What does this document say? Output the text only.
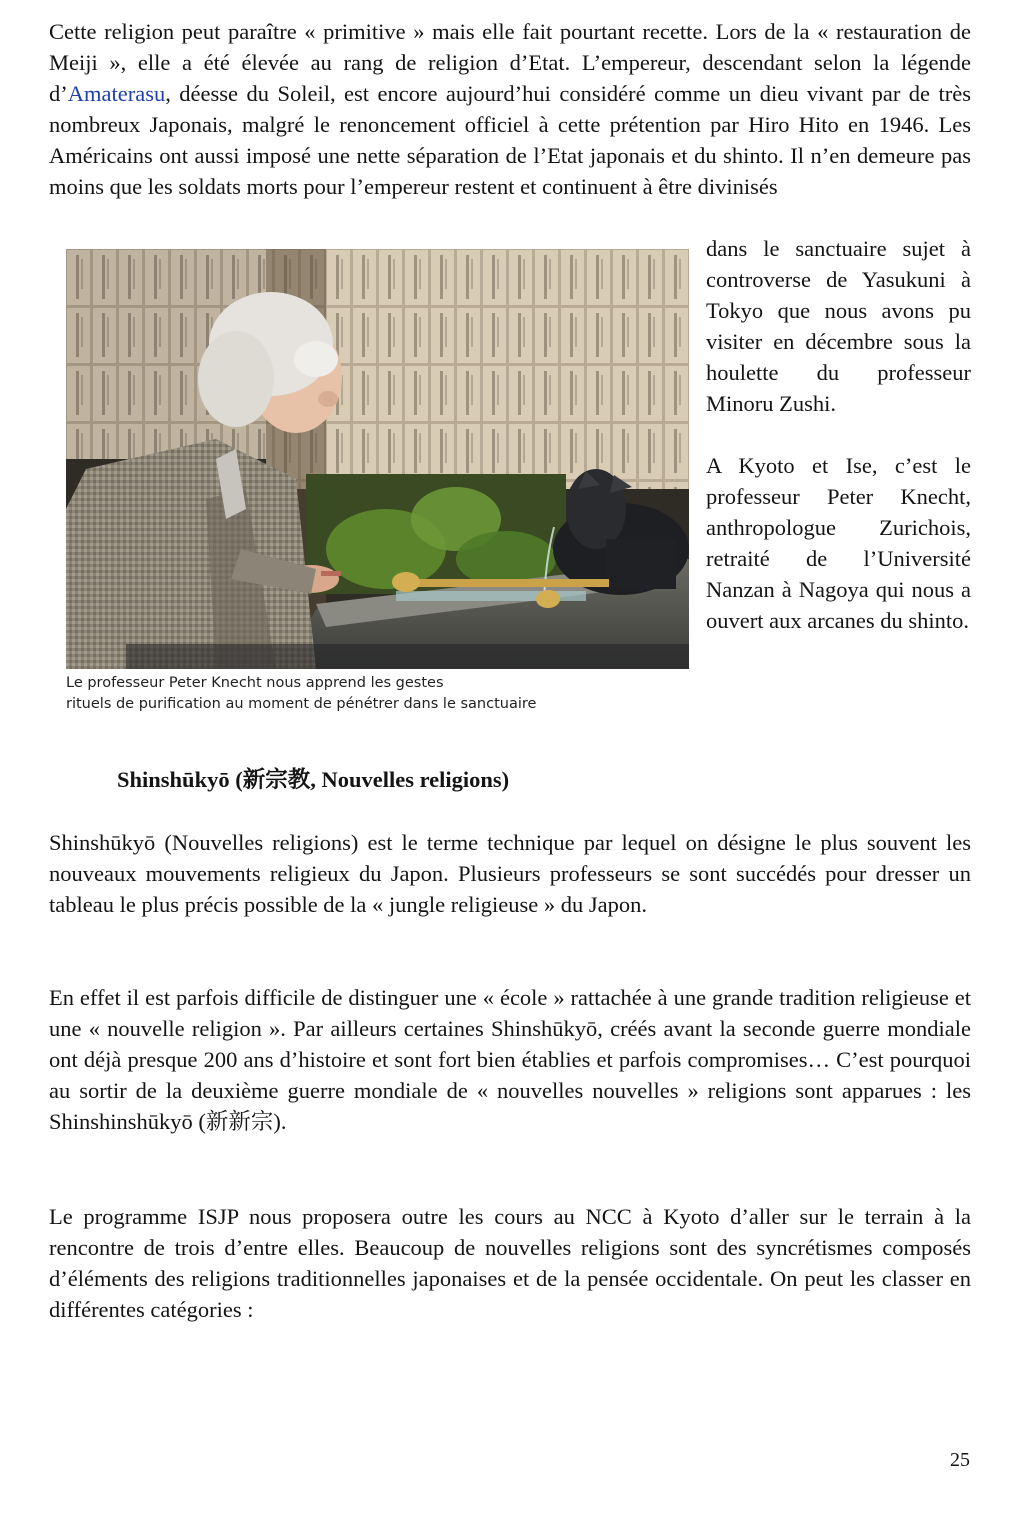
Cette religion peut paraître « primitive » mais elle fait pourtant recette. Lors de la « restauration de Meiji », elle a été élevée au rang de religion d’Etat. L’empereur, descendant selon la légende d’Amaterasu, déesse du Soleil, est encore aujourd’hui considéré comme un dieu vivant par de très nombreux Japonais, malgré le renoncement officiel à cette prétention par Hiro Hito en 1946. Les Américains ont aussi imposé une nette séparation de l’Etat japonais et du shinto. Il n’en demeure pas moins que les soldats morts pour l’empereur restent et continuent à être divinisés

Le professeur Peter Knecht nous apprend les gestes
rituels de purification au moment de pénétrer dans le sanctuaire

dans le sanctuaire sujet à controverse de Yasukuni à Tokyo que nous avons pu visiter en décembre sous la houlette du professeur Minoru Zushi.

A Kyoto et Ise, c’est le professeur Peter Knecht, anthropologue Zurichois, retraité de l’Université Nanzan à Nagoya qui nous a ouvert aux arcanes du shinto.

Shinshūkyō (新宗教, Nouvelles religions)

Shinshūkyō (Nouvelles religions) est le terme technique par lequel on désigne le plus souvent les nouveaux mouvements religieux du Japon. Plusieurs professeurs se sont succédés pour dresser un tableau le plus précis possible de la « jungle religieuse » du Japon.

En effet il est parfois difficile de distinguer une « école » rattachée à une grande tradition religieuse et une « nouvelle religion ». Par ailleurs certaines Shinshūkyō, créés avant la seconde guerre mondiale ont déjà presque 200 ans d’histoire et sont fort bien établies et parfois compromises… C’est pourquoi au sortir de la deuxième guerre mondiale de « nouvelles nouvelles » religions sont apparues : les Shinshinshūkyō (新新宗).

Le programme ISJP nous proposera outre les cours au NCC à Kyoto d’aller sur le terrain à la rencontre de trois d’entre elles. Beaucoup de nouvelles religions sont des syncrétismes composés d’éléments des religions traditionnelles japonaises et de la pensée occidentale. On peut les classer en différentes catégories :

25
